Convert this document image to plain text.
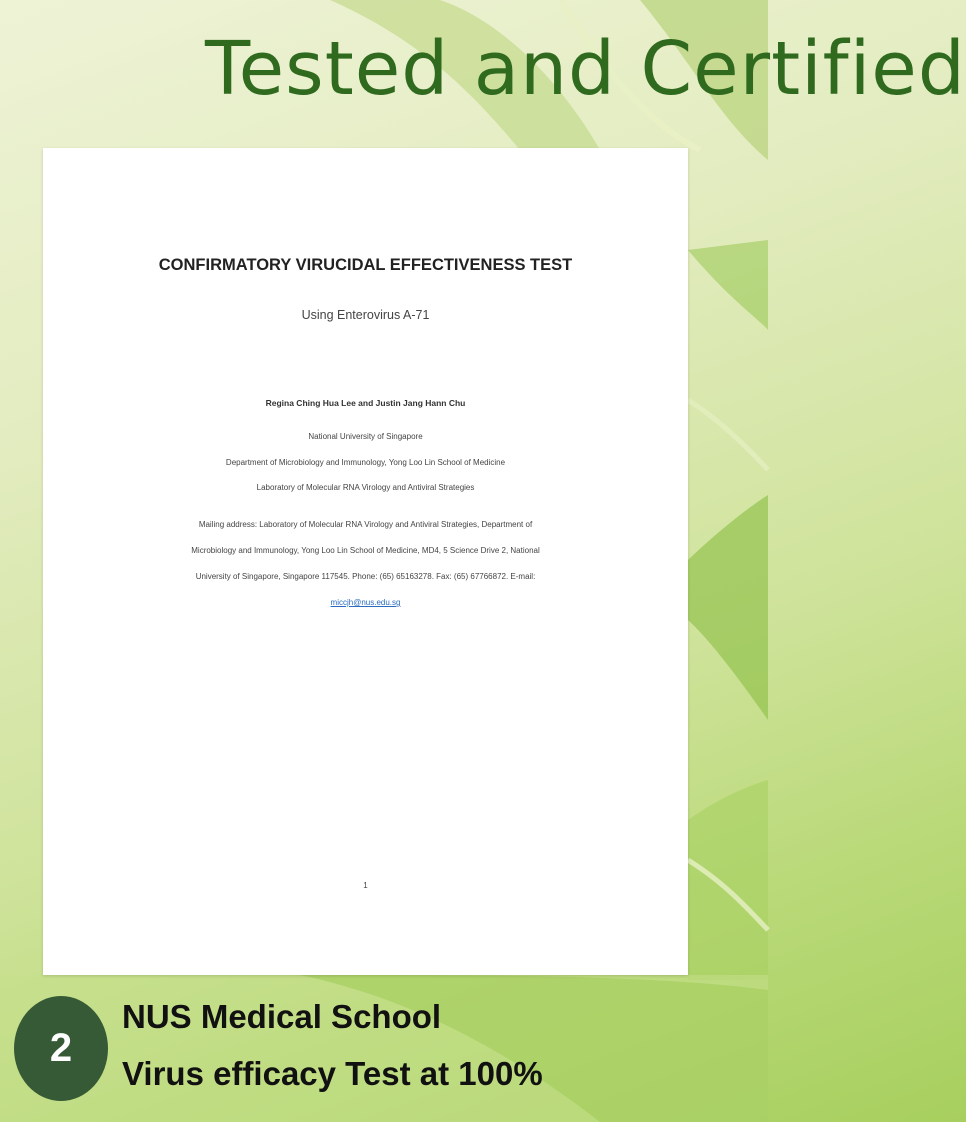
Tested and Certified
CONFIRMATORY VIRUCIDAL EFFECTIVENESS TEST
Using Enterovirus A-71
Regina Ching Hua Lee and Justin Jang Hann Chu
National University of Singapore
Department of Microbiology and Immunology, Yong Loo Lin School of Medicine
Laboratory of Molecular RNA Virology and Antiviral Strategies
Mailing address: Laboratory of Molecular RNA Virology and Antiviral Strategies, Department of
Microbiology and Immunology, Yong Loo Lin School of Medicine, MD4, 5 Science Drive 2, National
University of Singapore, Singapore 117545. Phone: (65) 65163278. Fax: (65) 67766872. E-mail:
miccjh@nus.edu.sg
1
2

NUS Medical School

Virus efficacy Test at 100%
